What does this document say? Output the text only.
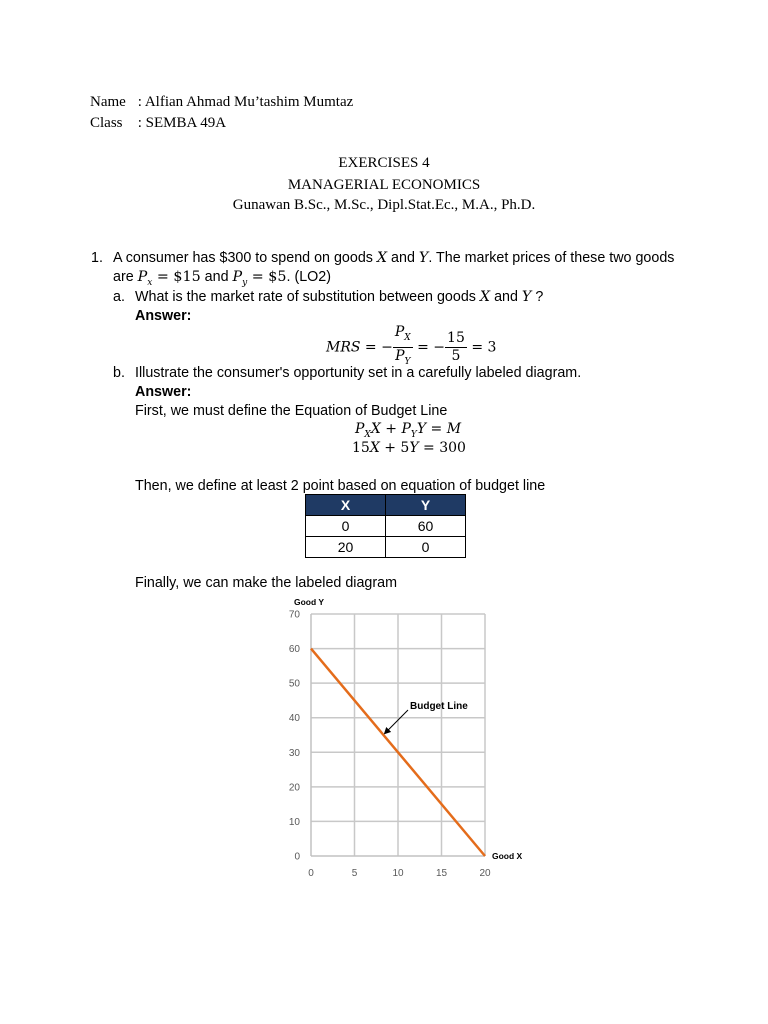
Name : Alfian Ahmad Mu’tashim Mumtaz
Class : SEMBA 49A
EXERCISES 4
MANAGERIAL ECONOMICS
Gunawan B.Sc., M.Sc., Dipl.Stat.Ec., M.A., Ph.D.
1. A consumer has $300 to spend on goods X and Y. The market prices of these two goods
are $P_x$ = $15 and $P_y$ = $5. (LO2)
a. What is the market rate of substitution between goods X and Y ?
Answer:
MRS = − $\frac{P_X}{P_Y}$ = − $\frac{15}{5} = 3$
b. Illustrate the consumer's opportunity set in a carefully labeled diagram.
Answer:
First, we must define the Equation of Budget Line
$P_XX + P_YY = M$
15X + 5Y = 300
Then, we define at least 2 point based on equation of budget line
X	Y
0	60
20	0
Finally, we can make the labeled diagram
0	5	10	15	20
0
10
20
30
40
50
60
70
Good Y
Good X
Budget Line
